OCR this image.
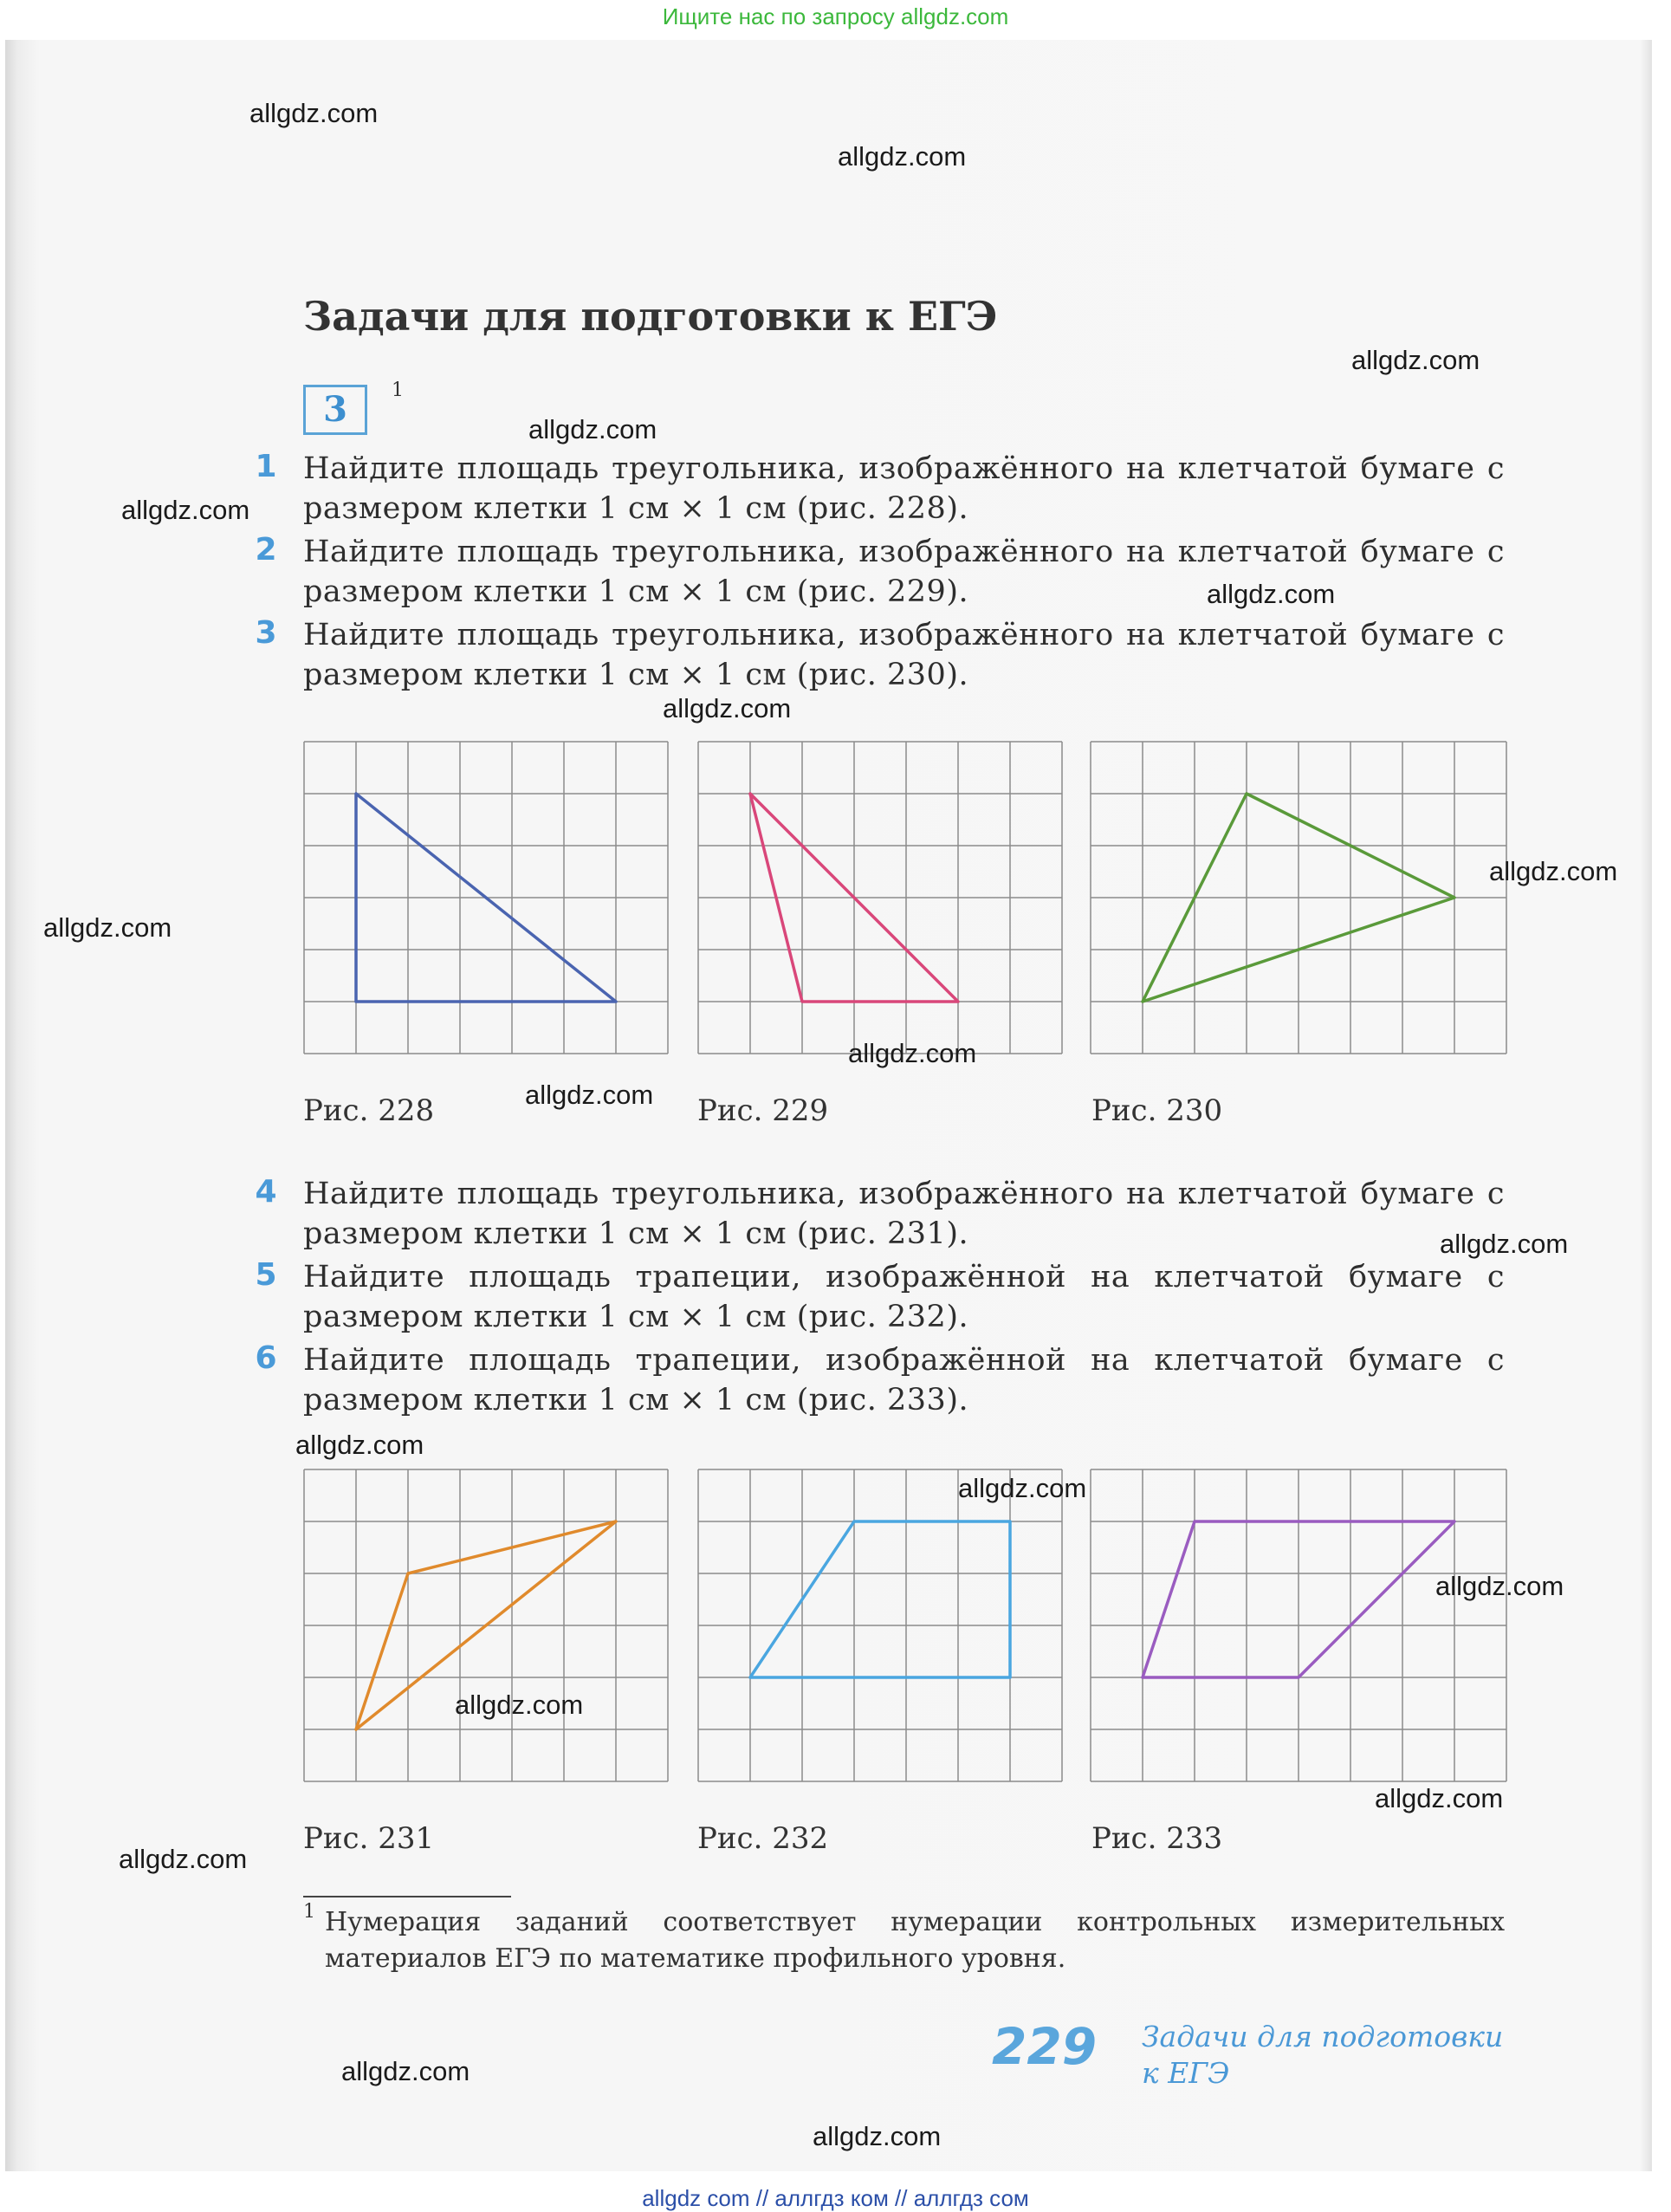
Ищите нас по запросу allgdz.com
Задачи для подготовки к ЕГЭ
3	1
1 Найдите площадь треугольника, изображённого на клетчатой бумаге с размером клетки 1 см × 1 см (рис. 228).
2 Найдите площадь треугольника, изображённого на клетчатой бумаге с размером клетки 1 см × 1 см (рис. 229).
3 Найдите площадь треугольника, изображённого на клетчатой бумаге с размером клетки 1 см × 1 см (рис. 230).
Рис. 228	Рис. 229	Рис. 230
4 Найдите площадь треугольника, изображённого на клетчатой бумаге с размером клетки 1 см × 1 см (рис. 231).
5 Найдите площадь трапеции, изображённой на клетчатой бумаге с размером клетки 1 см × 1 см (рис. 232).
6 Найдите площадь трапеции, изображённой на клетчатой бумаге с размером клетки 1 см × 1 см (рис. 233).
Рис. 231	Рис. 232	Рис. 233
1 Нумерация заданий соответствует нумерации контрольных измерительных материалов ЕГЭ по математике профильного уровня.
229 Задачи для подготовки к ЕГЭ
allgdz.com
allgdz.com
allgdz.com
allgdz.com
allgdz.com
allgdz.com
allgdz.com
allgdz.com
allgdz.com
allgdz.com
allgdz.com
allgdz.com
allgdz.com
allgdz.com
allgdz.com
allgdz.com
allgdz.com
allgdz.com
allgdz.com
allgdz.com
allgdz com // аллгдз ком // аллгдз сом
